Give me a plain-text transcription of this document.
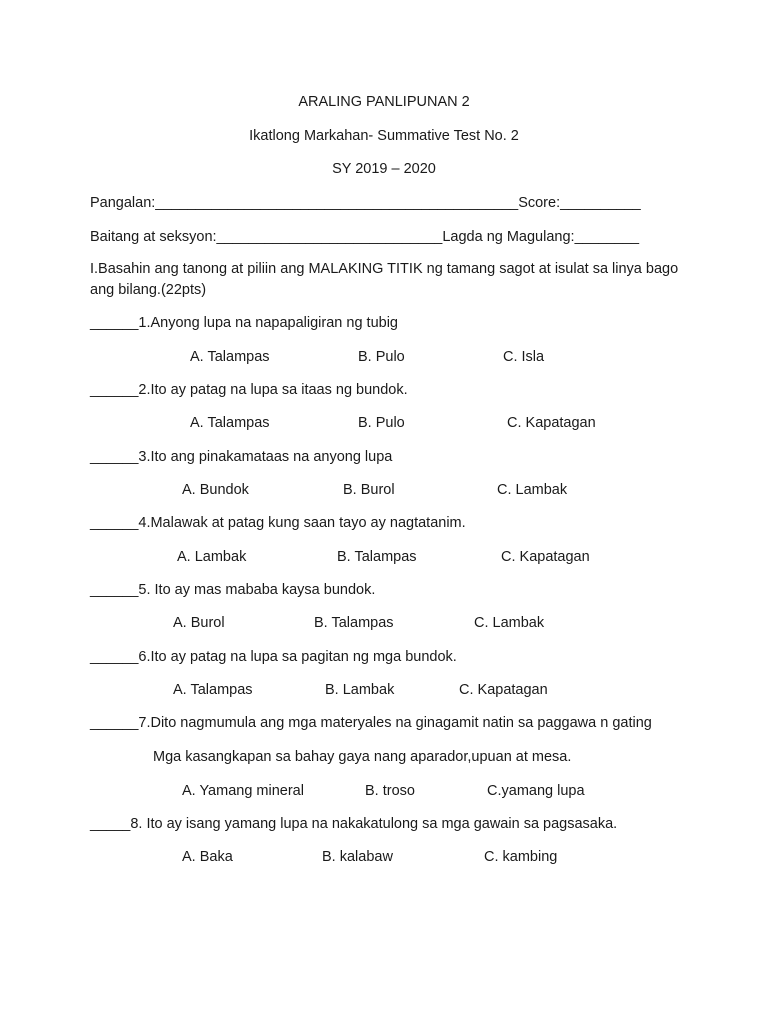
ARALING PANLIPUNAN 2
Ikatlong Markahan- Summative Test No. 2
SY 2019 – 2020
Pangalan:_____________________________________________Score:__________
Baitang at seksyon:____________________________Lagda ng Magulang:________
I.Basahin ang tanong at piliin ang MALAKING TITIK ng tamang sagot at isulat sa linya bago ang bilang.(22pts)
______1.Anyong lupa na napapaligiran ng tubig
A. Talampas	B. Pulo	C. Isla
______2.Ito ay patag na lupa sa itaas ng bundok.
A. Talampas	B. Pulo	C. Kapatagan
______3.Ito ang pinakamataas na anyong lupa
A. Bundok	B. Burol	C. Lambak
______4.Malawak at patag kung saan tayo ay nagtatanim.
A. Lambak	B. Talampas	C. Kapatagan
______5. Ito ay mas mababa kaysa bundok.
A. Burol	B. Talampas	C. Lambak
______6.Ito ay patag na lupa sa pagitan ng mga bundok.
A. Talampas	B. Lambak	C. Kapatagan
______7.Dito nagmumula ang mga materyales na ginagamit natin sa paggawa n gating
Mga kasangkapan sa bahay gaya nang aparador,upuan at mesa.
A. Yamang mineral	B. troso	C.yamang lupa
_____8. Ito ay isang yamang lupa na nakakatulong sa mga gawain sa pagsasaka.
A. Baka	B. kalabaw	C. kambing
